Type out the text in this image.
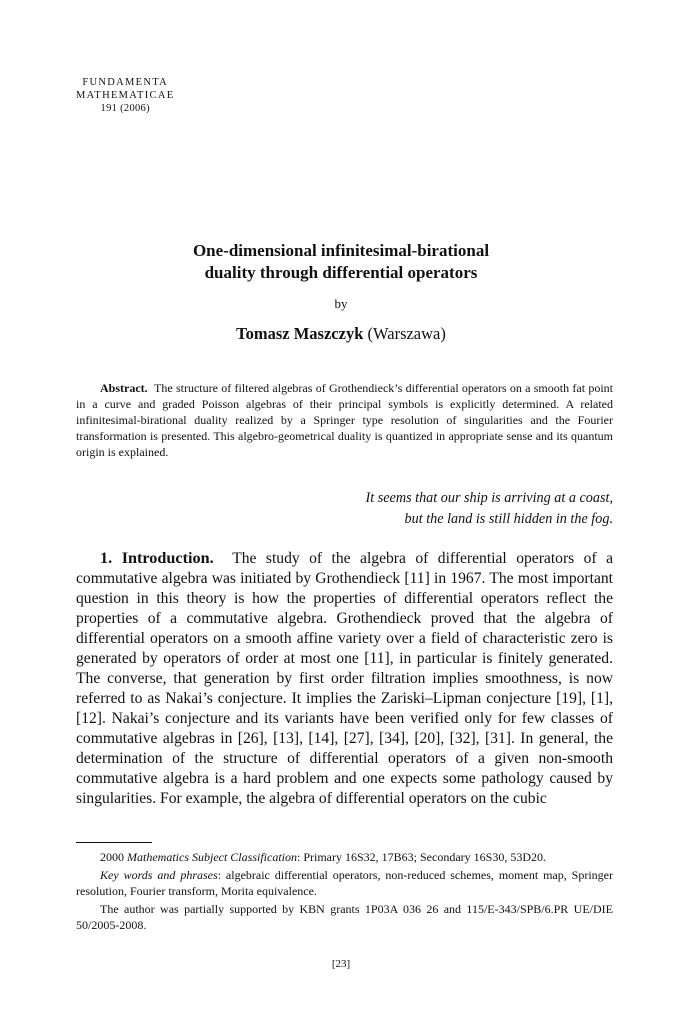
FUNDAMENTA
MATHEMATICAE
191 (2006)
One-dimensional infinitesimal-birational
duality through differential operators
by
Tomasz Maszczyk (Warszawa)
Abstract. The structure of filtered algebras of Grothendieck’s differential operators on a smooth fat point in a curve and graded Poisson algebras of their principal symbols is explicitly determined. A related infinitesimal-birational duality realized by a Springer type resolution of singularities and the Fourier transformation is presented. This algebro-geometrical duality is quantized in appropriate sense and its quantum origin is explained.
It seems that our ship is arriving at a coast,
but the land is still hidden in the fog.
1. Introduction. The study of the algebra of differential operators of a commutative algebra was initiated by Grothendieck [11] in 1967. The most important question in this theory is how the properties of differential operators reflect the properties of a commutative algebra. Grothendieck proved that the algebra of differential operators on a smooth affine variety over a field of characteristic zero is generated by operators of order at most one [11], in particular is finitely generated. The converse, that generation by first order filtration implies smoothness, is now referred to as Nakai’s conjecture. It implies the Zariski–Lipman conjecture [19], [1], [12]. Nakai’s conjecture and its variants have been verified only for few classes of commutative algebras in [26], [13], [14], [27], [34], [20], [32], [31]. In general, the determination of the structure of differential operators of a given non-smooth commutative algebra is a hard problem and one expects some pathology caused by singularities. For example, the algebra of differential operators on the cubic
2000 Mathematics Subject Classification: Primary 16S32, 17B63; Secondary 16S30, 53D20.
Key words and phrases: algebraic differential operators, non-reduced schemes, moment map, Springer resolution, Fourier transform, Morita equivalence.
The author was partially supported by KBN grants 1P03A 036 26 and 115/E-343/SPB/6.PR UE/DIE 50/2005-2008.
[23]
